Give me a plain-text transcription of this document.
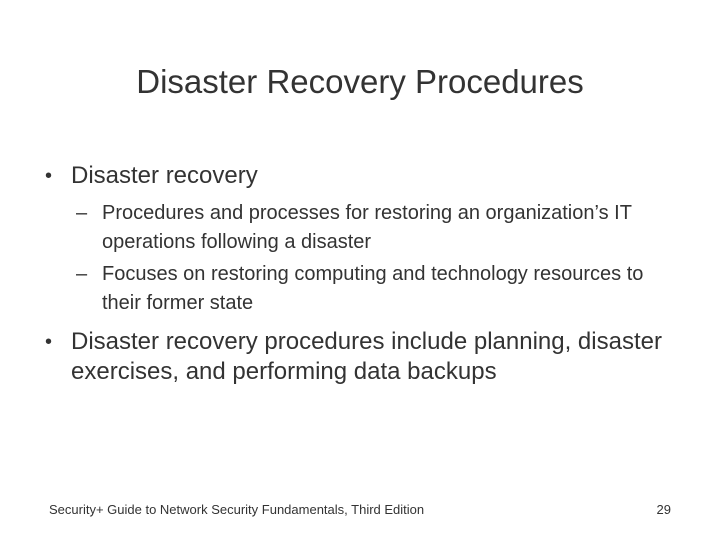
Disaster Recovery Procedures
• Disaster recovery
– Procedures and processes for restoring an organization’s IT operations following a disaster
– Focuses on restoring computing and technology resources to their former state
• Disaster recovery procedures include planning, disaster exercises, and performing data backups
Security+ Guide to Network Security Fundamentals, Third Edition	29
